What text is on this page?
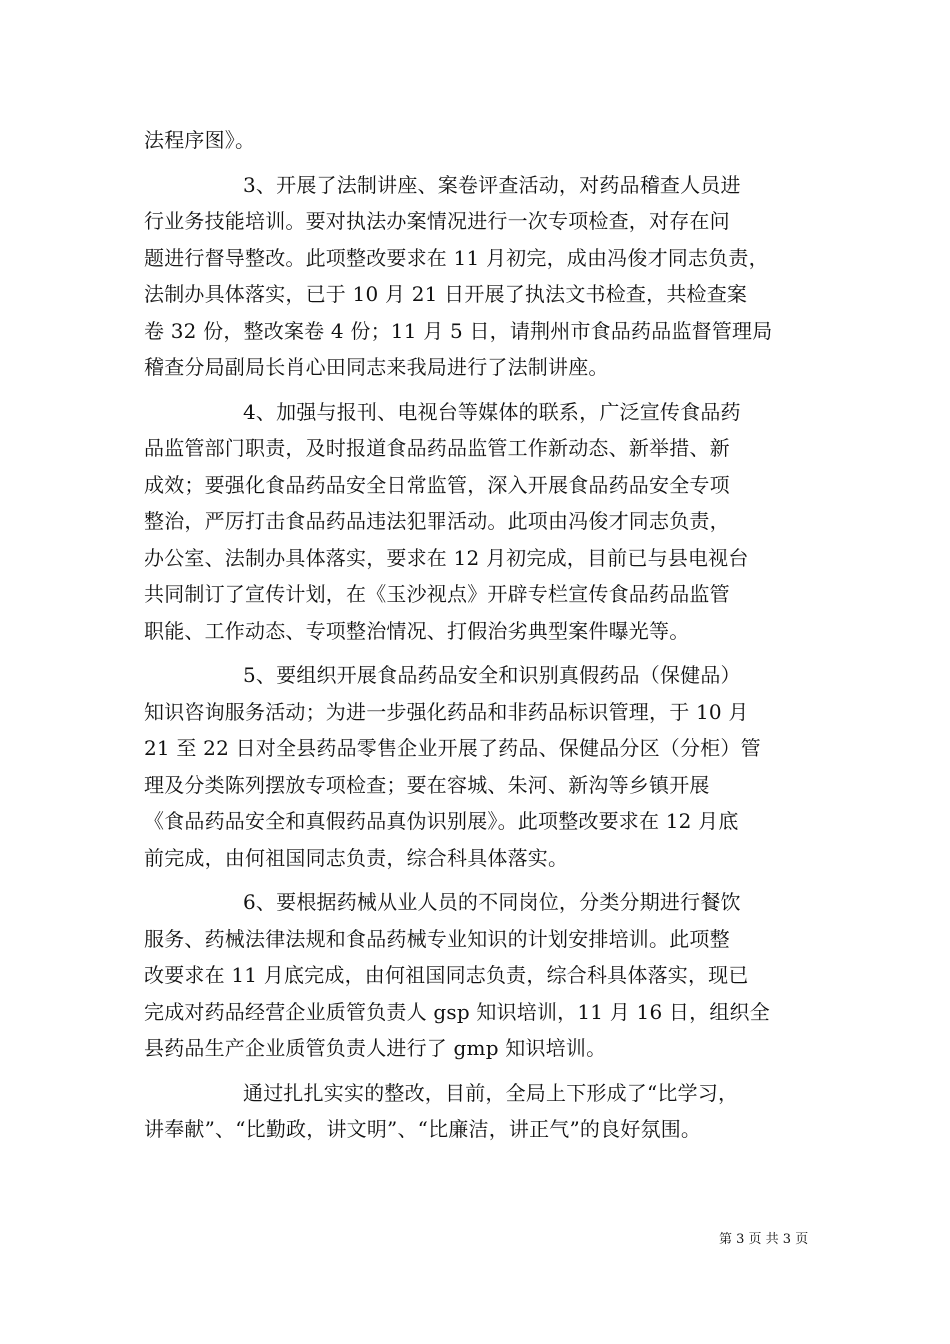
法程序图》。
3、开展了法制讲座、案卷评查活动，对药品稽查人员进
行业务技能培训。要对执法办案情况进行一次专项检查，对存在问
题进行督导整改。此项整改要求在 11 月初完，成由冯俊才同志负责，
法制办具体落实，已于 10 月 21 日开展了执法文书检查，共检查案
卷 32 份，整改案卷 4 份；11 月 5 日，请荆州市食品药品监督管理局
稽查分局副局长肖心田同志来我局进行了法制讲座。
4、加强与报刊、电视台等媒体的联系，广泛宣传食品药
品监管部门职责，及时报道食品药品监管工作新动态、新举措、新
成效；要强化食品药品安全日常监管，深入开展食品药品安全专项
整治，严厉打击食品药品违法犯罪活动。此项由冯俊才同志负责，
办公室、法制办具体落实，要求在 12 月初完成，目前已与县电视台
共同制订了宣传计划，在《玉沙视点》开辟专栏宣传食品药品监管
职能、工作动态、专项整治情况、打假治劣典型案件曝光等。
5、要组织开展食品药品安全和识别真假药品（保健品）
知识咨询服务活动；为进一步强化药品和非药品标识管理，于 10 月
21 至 22 日对全县药品零售企业开展了药品、保健品分区（分柜）管
理及分类陈列摆放专项检查；要在容城、朱河、新沟等乡镇开展
《食品药品安全和真假药品真伪识别展》。此项整改要求在 12 月底
前完成，由何祖国同志负责，综合科具体落实。
6、要根据药械从业人员的不同岗位，分类分期进行餐饮
服务、药械法律法规和食品药械专业知识的计划安排培训。此项整
改要求在 11 月底完成，由何祖国同志负责，综合科具体落实，现已
完成对药品经营企业质管负责人 gsp 知识培训，11 月 16 日，组织全
县药品生产企业质管负责人进行了 gmp 知识培训。
通过扎扎实实的整改，目前，全局上下形成了“比学习，
讲奉献”、“比勤政，讲文明”、“比廉洁，讲正气”的良好氛围。
第 3 页 共 3 页
